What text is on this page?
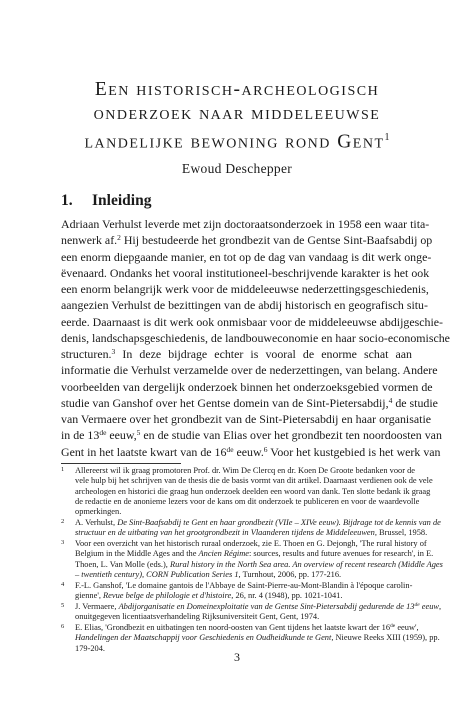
Een historisch-archeologisch
onderzoek naar middeleeuwse
landelijke bewoning rond Gent$^1$
Ewoud Deschepper
1. Inleiding
Adriaan Verhulst leverde met zijn doctoraatsonderzoek in 1958 een waar tita-
nenwerk af.$^2$ Hij bestudeerde het grondbezit van de Gentse Sint-Baafsabdij op
een enorm diepgaande manier, en tot op de dag van vandaag is dit werk onge-
ëvenaard. Ondanks het vooral institutioneel-beschrijvende karakter is het ook
een enorm belangrijk werk voor de middeleeuwse nederzettingsgeschiedenis,
aangezien Verhulst de bezittingen van de abdij historisch en geografisch situ-
eerde. Daarnaast is dit werk ook onmisbaar voor de middeleeuwse abdijgeschie-
denis, landschapsgeschiedenis, de landbouweconomie en haar socio-economische
structuren.$^3$ In deze bijdrage echter is vooral de enorme schat aan
informatie die Verhulst verzamelde over de nederzettingen, van belang. Andere
voorbeelden van dergelijk onderzoek binnen het onderzoeksgebied vormen de
studie van Ganshof over het Gentse domein van de Sint-Pietersabdij,$^4$ de studie
van Vermaere over het grondbezit van de Sint-Pietersabdij en haar organisatie
in de 13de eeuw,$^5$ en de studie van Elias over het grondbezit ten noordoosten van
Gent in het laatste kwart van de 16de eeuw.$^6$ Voor het kustgebied is het werk van
1 Allereerst wil ik graag promotoren Prof. dr. Wim De Clercq en dr. Koen De Groote bedanken voor de
vele hulp bij het schrijven van de thesis die de basis vormt van dit artikel. Daarnaast verdienen ook de vele
archeologen en historici die graag hun onderzoek deelden een woord van dank. Ten slotte bedank ik graag
de redactie en de anonieme lezers voor de kans om dit onderzoek te publiceren en voor de waardevolle
opmerkingen.
2 A. Verhulst, De Sint-Baafsabdij te Gent en haar grondbezit (VIIe – XIVe eeuw). Bijdrage tot de kennis van de
structuur en de uitbating van het grootgrondbezit in Vlaanderen tijdens de Middeleeuwen, Brussel, 1958.
3 Voor een overzicht van het historisch ruraal onderzoek, zie E. Thoen en G. Dejongh, 'The rural history of
Belgium in the Middle Ages and the Ancien Régime: sources, results and future avenues for research', in E.
Thoen, L. Van Molle (eds.), Rural history in the North Sea area. An overview of recent research (Middle Ages
– twentieth century), CORN Publication Series 1, Turnhout, 2006, pp. 177-216.
4 F.-L. Ganshof, 'Le domaine gantois de l'Abbaye de Saint-Pierre-au-Mont-Blandin à l'époque carolin-
gienne', Revue belge de philologie et d'histoire, 26, nr. 4 (1948), pp. 1021-1041.
5 J. Vermaere, Abdijorganisatie en Domeinexploitatie van de Gentse Sint-Pietersabdij gedurende de 13de eeuw,
onuitgegeven licentiaatsverhandeling Rijksuniversiteit Gent, Gent, 1974.
6 E. Elias, 'Grondbezit en uitbatingen ten noord-oosten van Gent tijdens het laatste kwart der 16de eeuw',
Handelingen der Maatschappij voor Geschiedenis en Oudheidkunde te Gent, Nieuwe Reeks XIII (1959), pp.
179-204.
3
